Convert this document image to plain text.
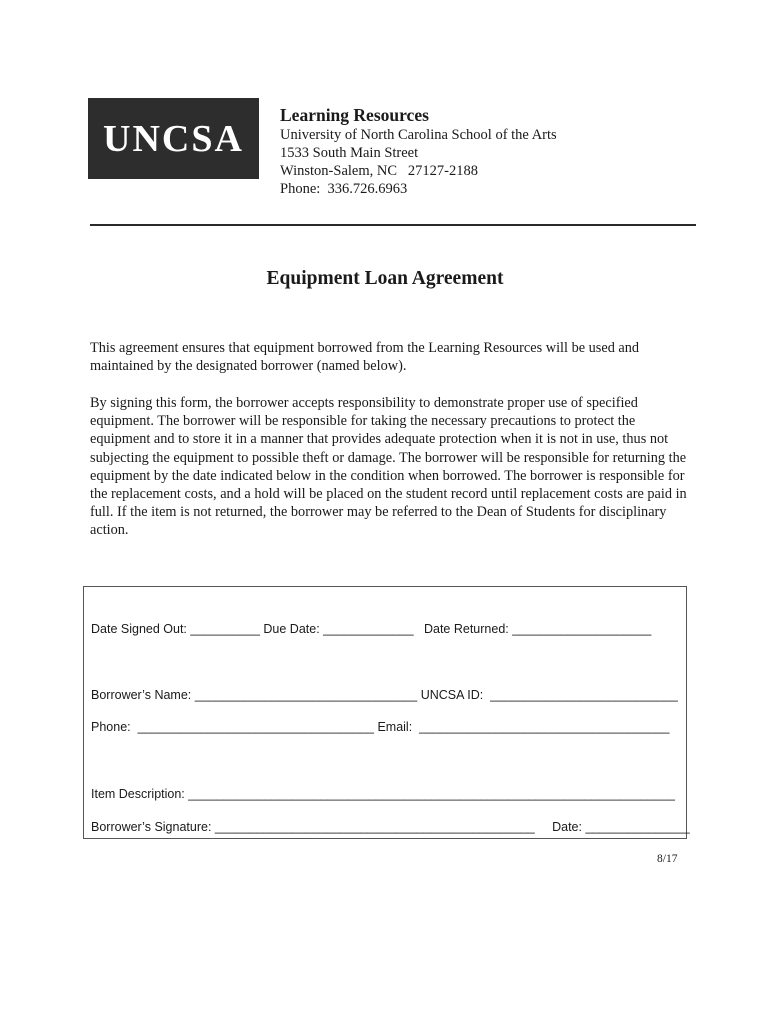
UNCSA
Learning Resources
University of North Carolina School of the Arts
1533 South Main Street
Winston-Salem, NC   27127-2188
Phone:  336.726.6963
Equipment Loan Agreement

This agreement ensures that equipment borrowed from the Learning Resources will be used and maintained by the designated borrower (named below).

By signing this form, the borrower accepts responsibility to demonstrate proper use of specified equipment. The borrower will be responsible for taking the necessary precautions to protect the equipment and to store it in a manner that provides adequate protection when it is not in use, thus not subjecting the equipment to possible theft or damage. The borrower will be responsible for returning the equipment by the date indicated below in the condition when borrowed. The borrower is responsible for the replacement costs, and a hold will be placed on the student record until replacement costs are paid in full. If the item is not returned, the borrower may be referred to the Dean of Students for disciplinary action.

Date Signed Out: __________ Due Date: _____________ Date Returned: ____________________
Borrower’s Name: ________________________________ UNCSA ID: ___________________________
Phone: __________________________________ Email: ____________________________________
Item Description: ______________________________________________________________________
Borrower’s Signature: ______________________________________________ Date: _______________
8/17
